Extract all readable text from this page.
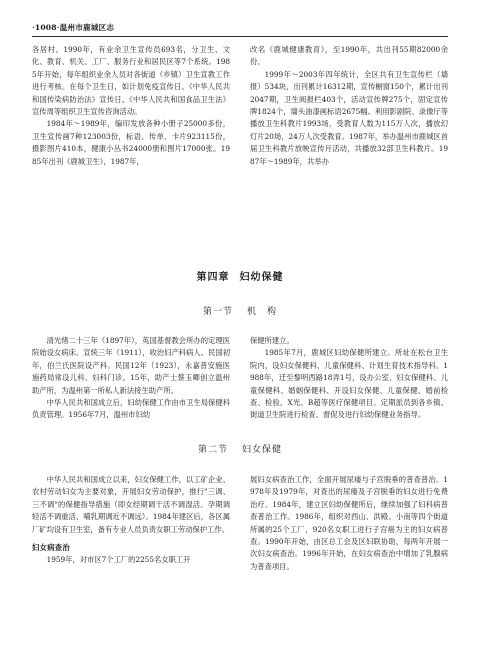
·1008·温州市鹿城区志

各居村。1990年，有业余卫生宣传员693名，分卫生、文化、教育、机关、工厂、服务行业和居民区等7个系统。1985年开始，每年组织业余人员对各街道（乡镇）卫生宣教工作进行考核。在每个卫生日，如计划免疫宣传日、《中华人民共和国传染病防治法》宣传日、《中华人民共和国食品卫生法》宣传周等组织卫生宣传咨询活动。

1984年～1989年，编印发放各种小册子25000多份，卫生宣传画7种123003份，标语、传单、卡片923115份，摄影图片410本，健康小丛书24000册和图片17000张。1985年出刊《鹿城卫生》，1987年，

改名《鹿城健康教育》，至1990年，共出刊55期82000余份。

1999年～2003年四年统计，全区共有卫生宣传栏（墙报）534块，出刊累计16312期，宣传橱窗150个，累计出刊2047期，卫生阅报栏403个，活动宣传牌275个，固定宣传牌1824个，墙头油漆画标语2675幅。利用影剧院、录像厅等播放卫生科教片1993场，受教育人数为115万人次，播放幻灯片20场，24万人次受教育。1987年，举办温州市鹿城区首届卫生科教片放映宣传月活动，共播放32部卫生科教片。1987年～1989年，共举办

第四章 妇幼保健
第一节 机　构

清光绪二十三年（1897年），英国基督教会所办的定理医院始设女病床。宣统三年（1911），收治妇产科病人。民国初年，伯兰氏医院设产科。民国12年（1923），永嘉普安施医施药局常设儿科、妇科门诊。15年，助产士蔡玉卿创立温州助产所，为温州第一所私人新法接生助产所。

中华人民共和国成立后，妇幼保健工作由市卫生局保健科负责管理。1956年7月，温州市妇幼

保健所建立。

1985年7月，鹿城区妇幼保健所建立。所址在松台卫生院内，设妇女保健科、儿童保健科、计划生育技术指导科。1988年，迁至黎明西路18弄1号，设办公室、妇女保健科、儿童保健科、婚姻保健科、开设妇女保健、儿童保健、婚前检查、检验、X光、B超等医疗保健项目。定期派员到各乡镇、街道卫生院进行检查、督促及进行妇幼保健业务指导。

第二节 妇女保健

中华人民共和国成立以来，妇女保健工作，以工矿企业、农村劳动妇女为主要对象，开展妇女劳动保护，推行"三调、三不调"的保健指导措施（即女经期调干活不调湿活、孕期调轻活不调重活、哺乳期调近不调远）。1984年建区后，各区属厂矿均设有卫生室，备有专业人员负责女职工劳动保护工作。

妇女病查治

1959年，对市区7个工厂的2255名女职工开

展妇女病查治工作，全面开展尿瘘与子宫脱垂的普查普治。1978年及1979年，对查出的尿瘘及子宫脱垂的妇女进行免费治疗。1984年，建立区妇幼保健所后，继续加强了妇科病普查普治工作。1986年，组织对西山、洪殿、小南等四个街道所属的25个工厂，920名女职工进行子宫癌为主的妇女病普查。1990年开始，由区总工会及区妇联协助，每两年开展一次妇女病查治。1996年开始，在妇女病查治中增加了乳腺病为普查项目。
